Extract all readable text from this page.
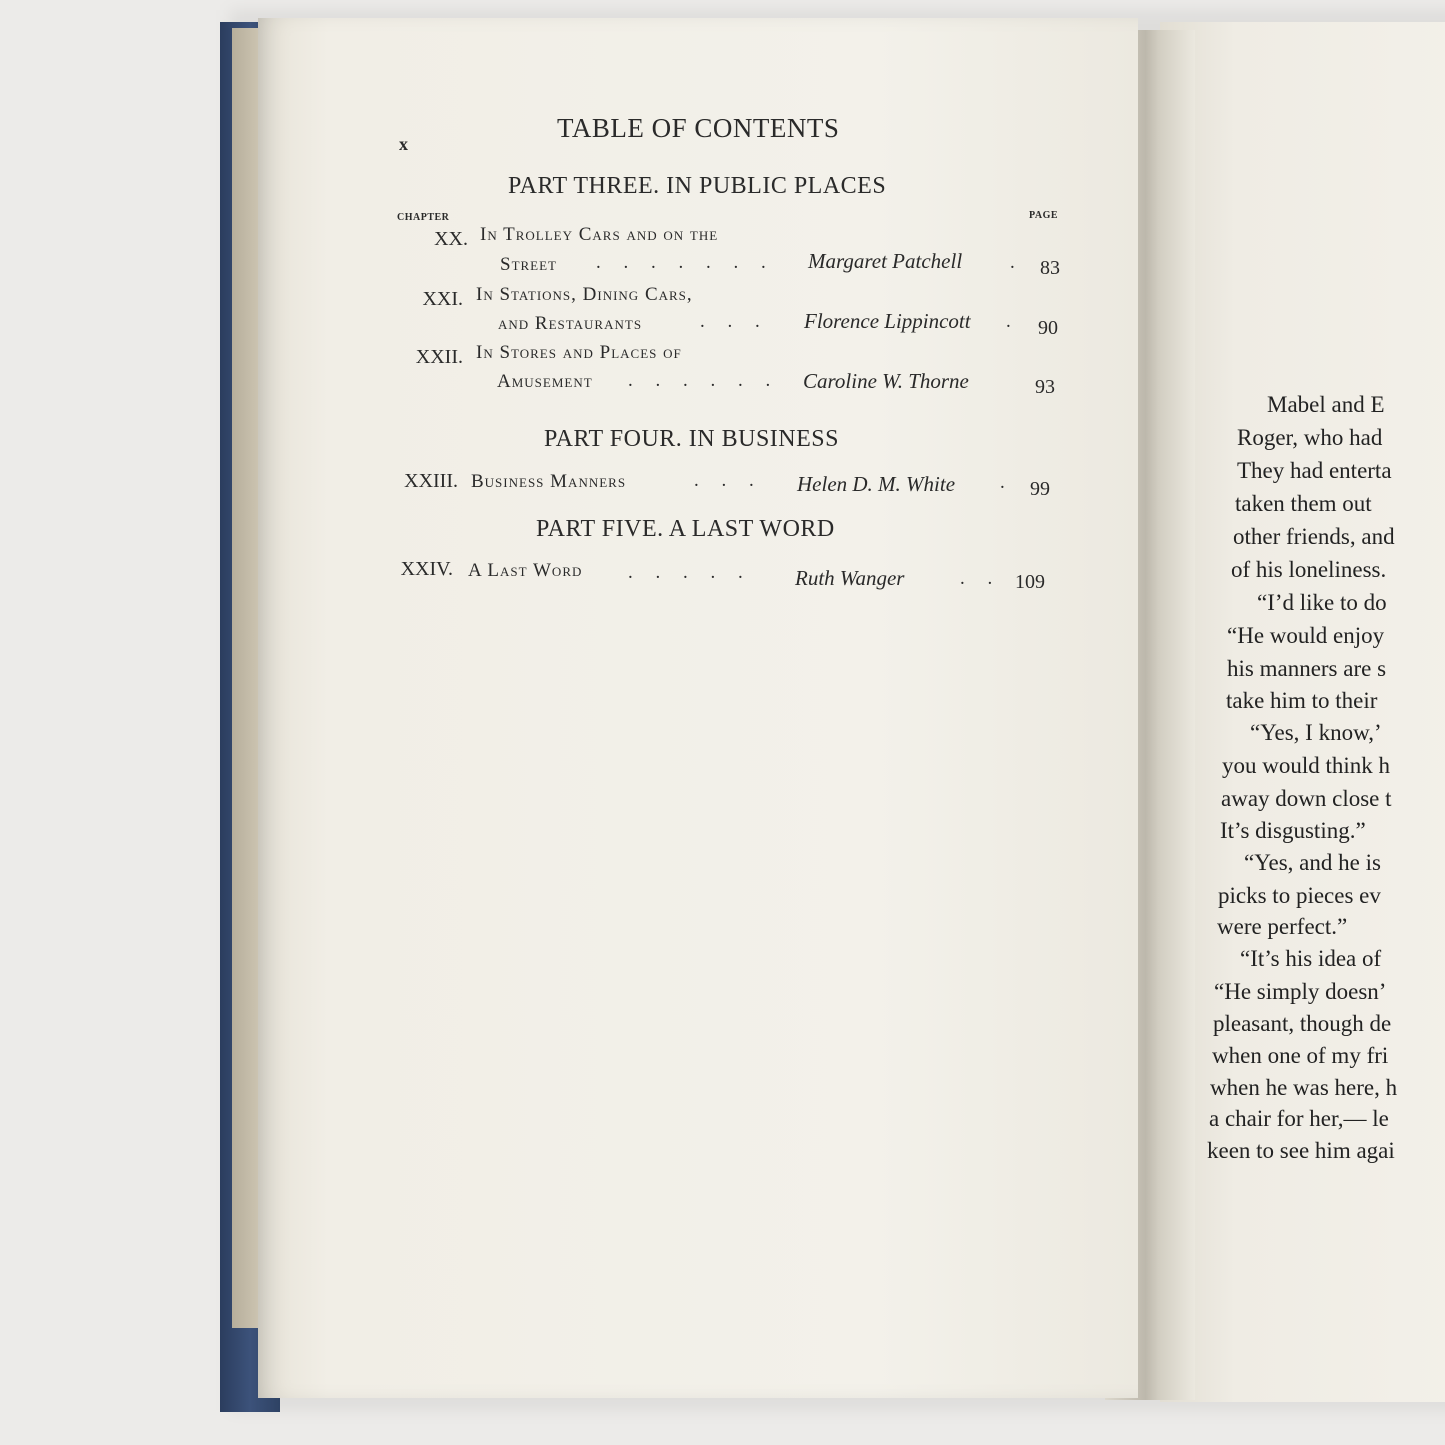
x
TABLE OF CONTENTS
PART THREE. IN PUBLIC PLACES
CHAPTER	PAGE
XX. In Trolley Cars and on the
Street . . . . . . . Margaret Patchell	. 83
XXI. In Stations, Dining Cars,
and Restaurants	. . . Florence Lippincott . 90
XXII. In Stores and Places of
Amusement . . . . . . Caroline W. Thorne	93
PART FOUR. IN BUSINESS
XXIII. Business Manners	. . . Helen D. M. White . 99
PART FIVE. A LAST WORD
XXIV. A Last Word . . . . . Ruth Wanger	. . 109
Mabel and E
Roger, who had
They had enterta
taken them out
other friends, and
of his loneliness.
“I’d like to do
“He would enjoy
his manners are s
take him to their
“Yes, I know,’
you would think h
away down close t
It’s disgusting.”
“Yes, and he is
picks to pieces ev
were perfect.”
“It’s his idea of
“He simply doesn’
pleasant, though de
when one of my fri
when he was here, h
a chair for her,— le
keen to see him agai
